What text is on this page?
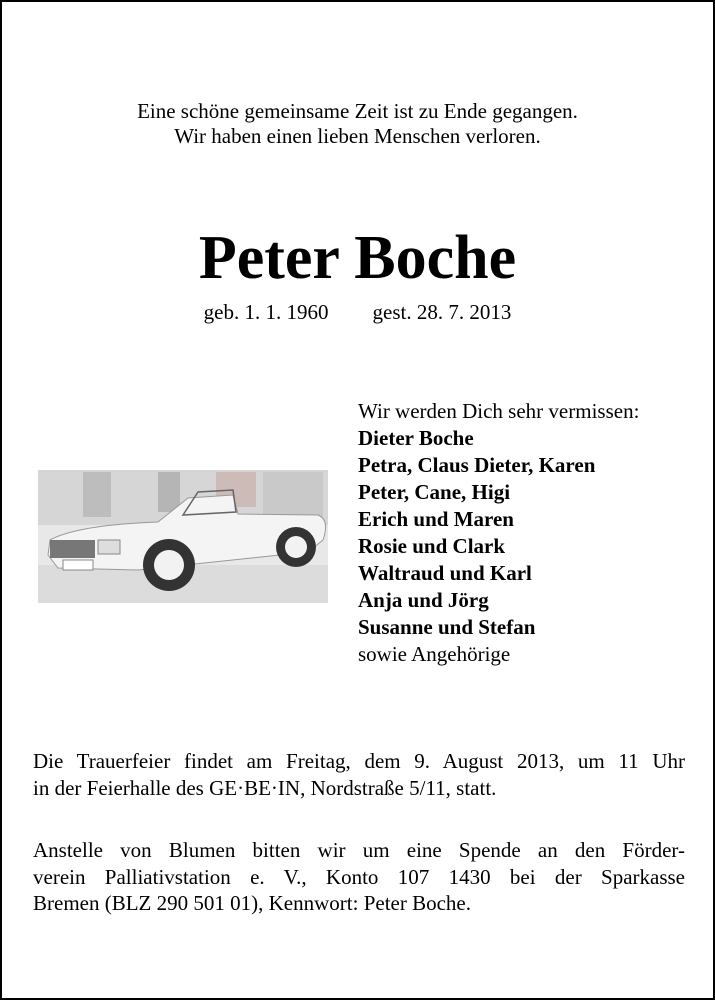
Eine schöne gemeinsame Zeit ist zu Ende gegangen.
Wir haben einen lieben Menschen verloren.
Peter Boche
geb. 1. 1. 1960 gest. 28. 7. 2013
Wir werden Dich sehr vermissen:
Dieter Boche
Petra, Claus Dieter, Karen
Peter, Cane, Higi
Erich und Maren
Rosie und Clark
Waltraud und Karl
Anja und Jörg
Susanne und Stefan
sowie Angehörige
Die Trauerfeier findet am Freitag, dem 9. August 2013, um 11 Uhr
in der Feierhalle des GE·BE·IN, Nordstraße 5/11, statt.
Anstelle von Blumen bitten wir um eine Spende an den Förder-
verein Palliativstation e. V., Konto 107 1430 bei der Sparkasse
Bremen (BLZ 290 501 01), Kennwort: Peter Boche.
